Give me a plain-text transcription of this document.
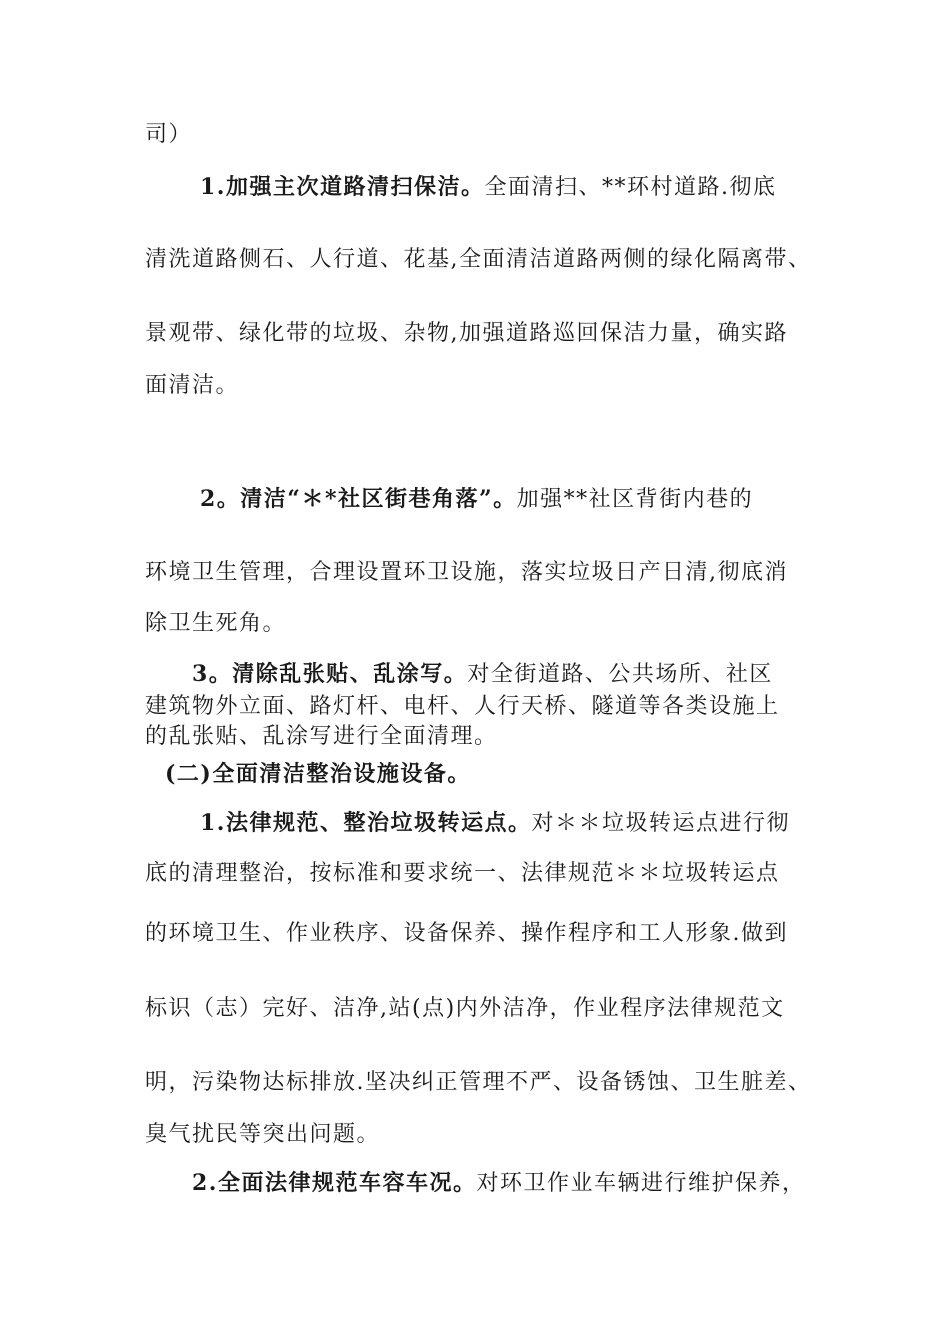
司）
1.加强主次道路清扫保洁。全面清扫、**环村道路.彻底
清洗道路侧石、人行道、花基,全面清洁道路两侧的绿化隔离带、
景观带、绿化带的垃圾、杂物,加强道路巡回保洁力量，确实路
面清洁。
2。清洁“＊*社区街巷角落”。加强**社区背街内巷的
环境卫生管理，合理设置环卫设施，落实垃圾日产日清,彻底消
除卫生死角。
3。清除乱张贴、乱涂写。对全街道路、公共场所、社区
建筑物外立面、路灯杆、电杆、人行天桥、隧道等各类设施上
的乱张贴、乱涂写进行全面清理。
(二)全面清洁整治设施设备。
1.法律规范、整治垃圾转运点。对＊＊垃圾转运点进行彻
底的清理整治，按标准和要求统一、法律规范＊＊垃圾转运点
的环境卫生、作业秩序、设备保养、操作程序和工人形象.做到
标识（志）完好、洁净,站(点)内外洁净，作业程序法律规范文
明，污染物达标排放.坚决纠正管理不严、设备锈蚀、卫生脏差、
臭气扰民等突出问题。
2.全面法律规范车容车况。对环卫作业车辆进行维护保养，
